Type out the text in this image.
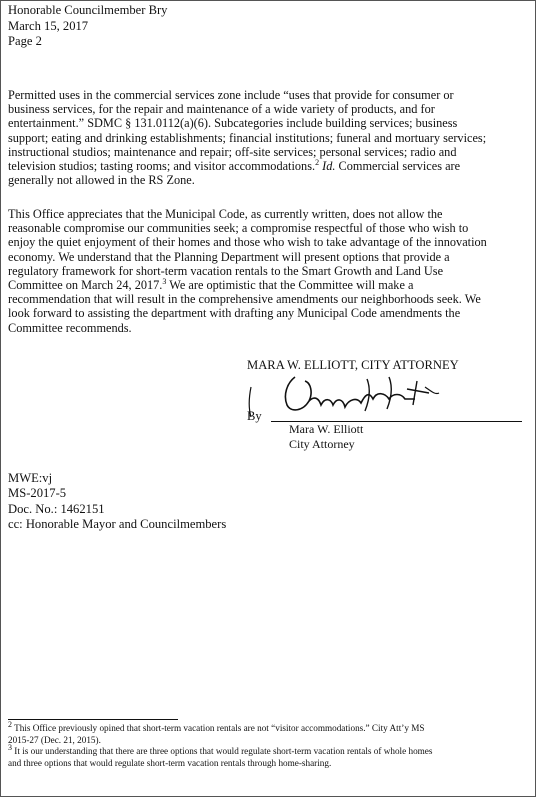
Honorable Councilmember Bry
March 15, 2017
Page 2
Permitted uses in the commercial services zone include “uses that provide for consumer or
business services, for the repair and maintenance of a wide variety of products, and for
entertainment.” SDMC § 131.0112(a)(6). Subcategories include building services; business
support; eating and drinking establishments; financial institutions; funeral and mortuary services;
instructional studios; maintenance and repair; off-site services; personal services; radio and
television studios; tasting rooms; and visitor accommodations.$^2$ Id. Commercial services are
generally not allowed in the RS Zone.
This Office appreciates that the Municipal Code, as currently written, does not allow the
reasonable compromise our communities seek; a compromise respectful of those who wish to
enjoy the quiet enjoyment of their homes and those who wish to take advantage of the innovation
economy. We understand that the Planning Department will present options that provide a
regulatory framework for short-term vacation rentals to the Smart Growth and Land Use
Committee on March 24, 2017.$^3$ We are optimistic that the Committee will make a
recommendation that will result in the comprehensive amendments our neighborhoods seek. We
look forward to assisting the department with drafting any Municipal Code amendments the
Committee recommends.
MARA W. ELLIOTT, CITY ATTORNEY
By
Mara W. Elliott
City Attorney
MWE:vj
MS-2017-5
Doc. No.: 1462151
cc: Honorable Mayor and Councilmembers
$^2$ This Office previously opined that short-term vacation rentals are not “visitor accommodations.” City Att’y MS
2015-27 (Dec. 21, 2015).
$^3$ It is our understanding that there are three options that would regulate short-term vacation rentals of whole homes
and three options that would regulate short-term vacation rentals through home-sharing.
